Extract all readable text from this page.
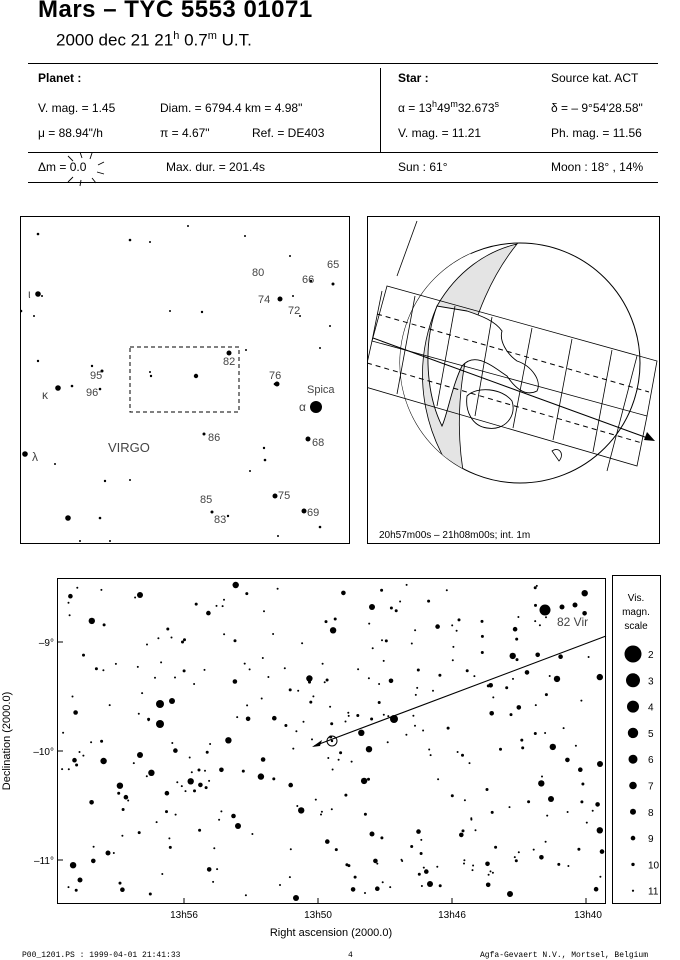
Mars – TYC 5553 01071
2000 dec 21 21$^h$ 0.7$^m$ U.T.
Planet :
V. mag. = 1.45	Diam. = 6794.4 km = 4.98"
μ = 88.94"/h	π = 4.67"	Ref. = DE403
Star :	Source kat. ACT
$\alpha = 13^h49^m32.673^s$	δ = – 9°54'28.58"
V. mag. = 11.21	Ph. mag. = 11.56
Δm = 0.0	Max. dur. = 201.4s	Sun : 61°	Moon : 18° , 14%
65
80
66
74
72
95
96
82
76
Spica
86	68
VIRGO
85	75
83
69
ι
κ
λ
α
20h57m00s – 21h08m00s; int. 1m
–9°
–10°
–11°
13h56	13h50	13h46	13h40
Right ascension (2000.0)
Declination (2000.0)
82 Vir
Vis.
magn.
scale
2
3
4
5
6
7
8
9
10
11
P00_1201.PS : 1999-04-01 21:41:33	4	Agfa-Gevaert N.V., Mortsel, Belgium
